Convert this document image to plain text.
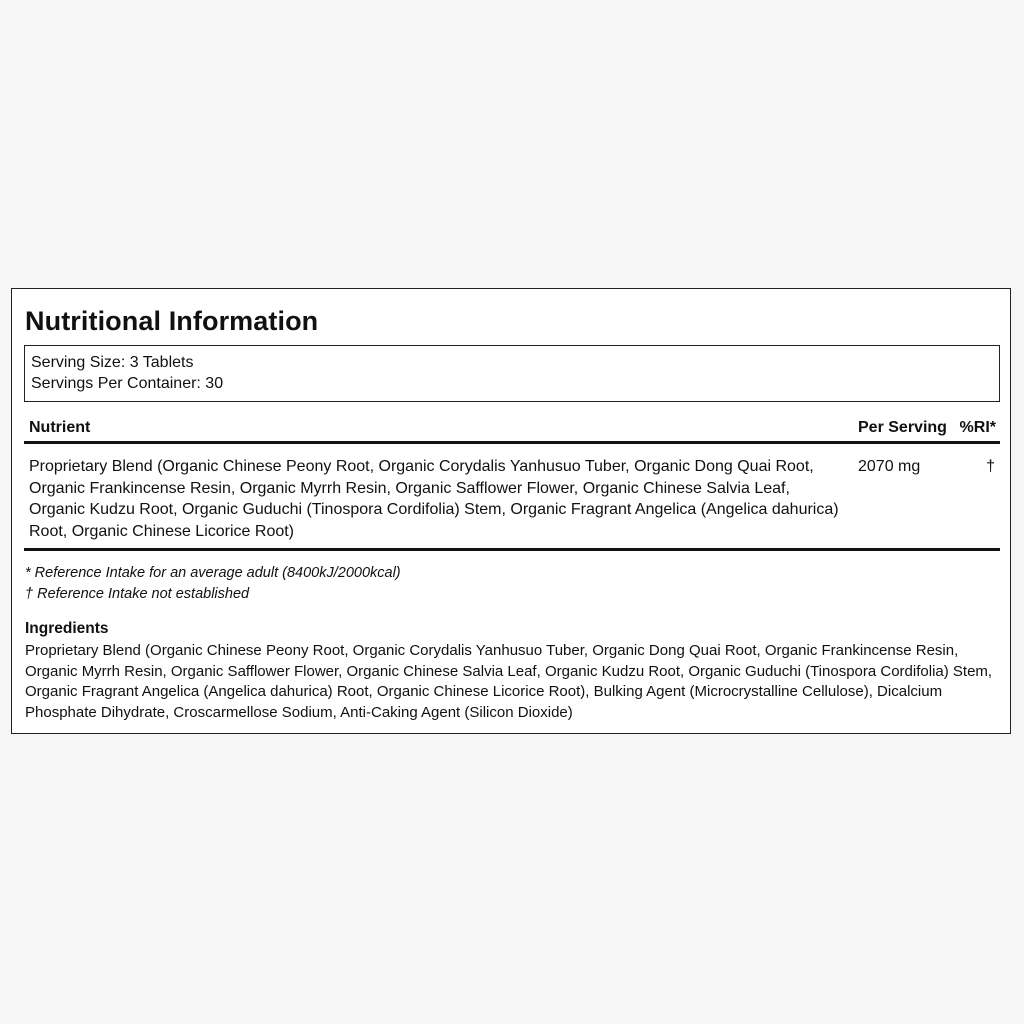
Nutritional Information
Serving Size: 3 Tablets
Servings Per Container: 30
Nutrient	Per Serving %RI*
Proprietary Blend (Organic Chinese Peony Root, Organic Corydalis Yanhusuo Tuber, Organic Dong Quai Root, Organic Frankincense Resin, Organic Myrrh Resin, Organic Safflower Flower, Organic Chinese Salvia Leaf, Organic Kudzu Root, Organic Guduchi (Tinospora Cordifolia) Stem, Organic Fragrant Angelica (Angelica dahurica) Root, Organic Chinese Licorice Root)
2070 mg	†
* Reference Intake for an average adult (8400kJ/2000kcal)
† Reference Intake not established
Ingredients
Proprietary Blend (Organic Chinese Peony Root, Organic Corydalis Yanhusuo Tuber, Organic Dong Quai Root, Organic Frankincense Resin, Organic Myrrh Resin, Organic Safflower Flower, Organic Chinese Salvia Leaf, Organic Kudzu Root, Organic Guduchi (Tinospora Cordifolia) Stem, Organic Fragrant Angelica (Angelica dahurica) Root, Organic Chinese Licorice Root), Bulking Agent (Microcrystalline Cellulose), Dicalcium Phosphate Dihydrate, Croscarmellose Sodium, Anti-Caking Agent (Silicon Dioxide)
